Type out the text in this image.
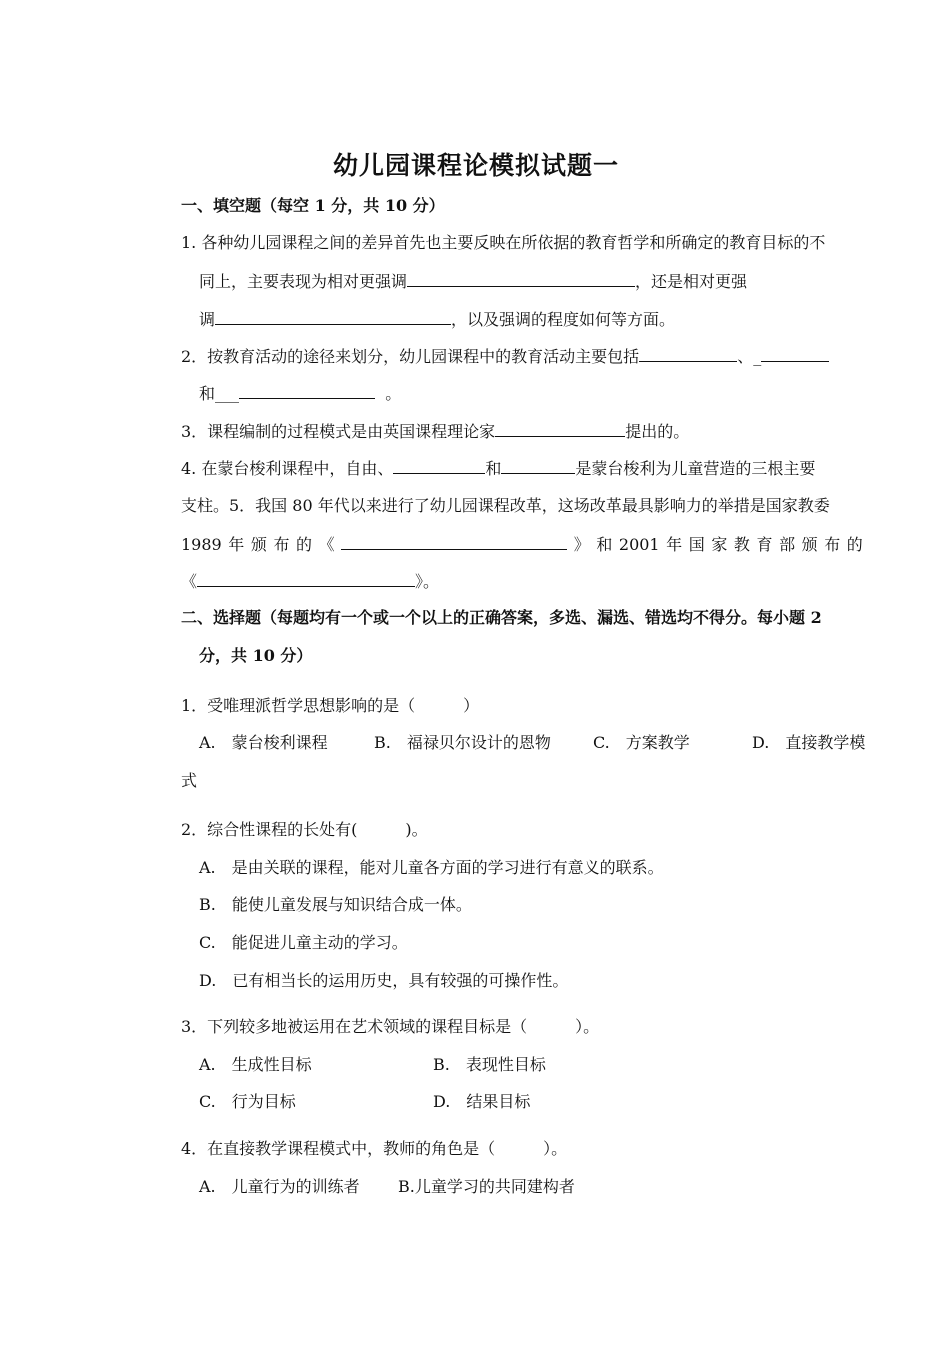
幼儿园课程论模拟试题一
一、填空题（每空 1 分，共 10 分）
1. 各种幼儿园课程之间的差异首先也主要反映在所依据的教育哲学和所确定的教育目标的不
同上，主要表现为相对更强调	，还是相对更强
调	，以及强调的程度如何等方面。
2．按教育活动的途径来划分，幼儿园课程中的教育活动主要包括	、_
和___	。
3．课程编制的过程模式是由英国课程理论家	提出的。
4. 在蒙台梭利课程中，自由、	和	是蒙台梭利为儿童营造的三根主要
支柱。5．我国 80 年代以来进行了幼儿园课程改革，这场改革最具影响力的举措是国家教委
1989 年 颁 布 的 《	》 和 2001 年 国 家 教 育 部 颁 布 的
《	》。
二、选择题（每题均有一个或一个以上的正确答案，多选、漏选、错选均不得分。每小题 2
分，共 10 分）
1．受唯理派哲学思想影响的是（　　　）
A.　蒙台梭利课程	B.　福禄贝尔设计的恩物	C.　方案教学	D.　直接教学模
式
2．综合性课程的长处有(　　　)。
A.　是由关联的课程，能对儿童各方面的学习进行有意义的联系。
B.　能使儿童发展与知识结合成一体。
C.　能促进儿童主动的学习。
D.　已有相当长的运用历史，具有较强的可操作性。
3．下列较多地被运用在艺术领域的课程目标是（　　　）。
A.　生成性目标	B.　表现性目标
C.　行为目标	D.　结果目标
4．在直接教学课程模式中，教师的角色是（　　　）。
A.　儿童行为的训练者 B.儿童学习的共同建构者
